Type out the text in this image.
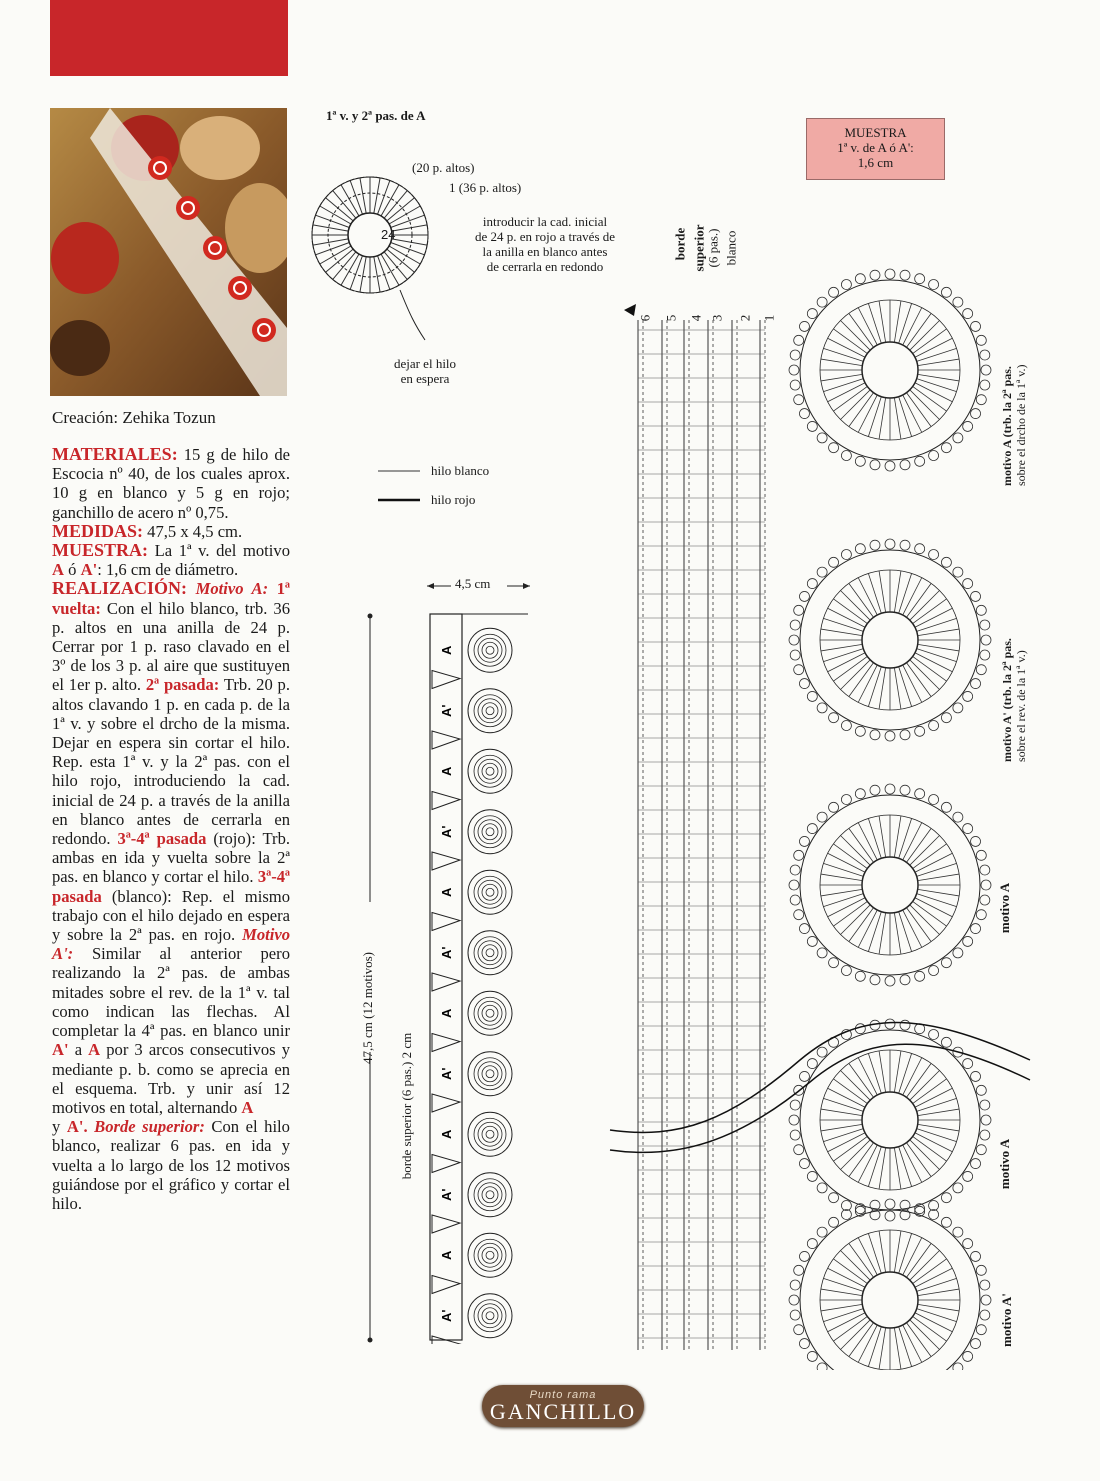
Creación: Zehika Tozun
MATERIALES: 15 g de hilo de Escocia nº 40, de los cuales aprox. 10 g en blanco y 5 g en rojo; ganchillo de acero nº 0,75.
MEDIDAS: 47,5 x 4,5 cm.
MUESTRA: La 1ª v. del motivo A ó A': 1,6 cm de diámetro.
REALIZACIÓN: Motivo A: 1ª vuelta: Con el hilo blanco, trb. 36 p. altos en una anilla de 24 p. Cerrar por 1 p. raso clavado en el 3º de los 3 p. al aire que sustituyen el 1er p. alto. 2ª pasada: Trb. 20 p. altos clavando 1 p. en cada p. de la 1ª v. y sobre el drcho de la misma. Dejar en espera sin cortar el hilo. Rep. esta 1ª v. y la 2ª pas. con el hilo rojo, introduciendo la cad. inicial de 24 p. a través de la anilla en blanco antes de cerrarla en redondo. 3ª-4ª pasada (rojo): Trb. ambas en ida y vuelta sobre la 2ª pas. en blanco y cortar el hilo. 3ª-4ª pasada (blanco): Rep. el mismo trabajo con el hilo dejado en espera y sobre la 2ª pas. en rojo. Motivo A': Similar al anterior pero realizando la 2ª pas. de ambas mitades sobre el rev. de la 1ª v. tal como indican las flechas. Al completar la 4ª pas. en blanco unir A' a A por 3 arcos consecutivos y mediante p. b. como se aprecia en el esquema. Trb. y unir así 12 motivos en total, alternando A
y A'. Borde superior: Con el hilo blanco, realizar 6 pas. en ida y vuelta a lo largo de los 12 motivos guiándose por el gráfico y cortar el hilo.
1ª v. y 2ª pas. de A
24
(20 p. altos)
1 (36 p. altos)
introducir la cad. inicial
de 24 p. en rojo a través de
la anilla en blanco antes
de cerrarla en redondo
dejar el hilo
en espera
hilo blanco
hilo rojo
MUESTRA
1ª v. de A ó A':
1,6 cm
4,5 cm
47,5 cm (12 motivos)
borde superior (6 pas.) 2 cm
A
A'
A
A'
A
A'
A
A'
A
A'
A
A'
borde superior (6 pas.) blanco
6 5 4 3 2 1
motivo A (trb. la 2ª pas. sobre el drcho de la 1ª v.)
motivo A' (trb. la 2ª pas. sobre el rev. de la 1ª v.)
motivo A
motivo A
motivo A'
Punto rama
GANCHILLO
